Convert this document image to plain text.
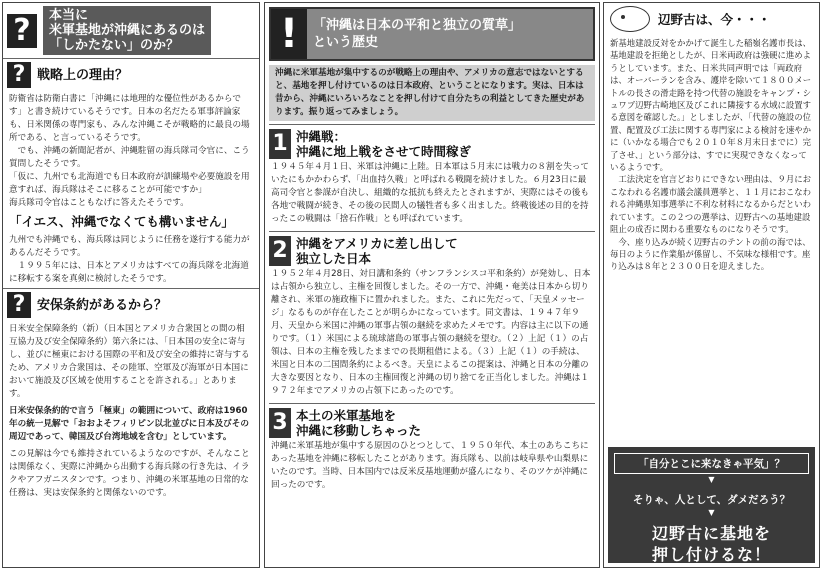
?	本当に
米軍基地が沖縄にあるのは
「しかたない」のか？
? 戦略上の理由？
防衛省は防衛白書に「沖縄には地理的な優位性があるからです」と書き続けているそうです。日本の名だたる軍事評論家も、日米関係の専門家も、みんな沖縄こそが戦略的に最良の場所である、と言っているそうです。
　でも、沖縄の新聞記者が、沖縄駐留の海兵隊司令官に、こう質問したそうです。
「仮に、九州でも北海道でも日本政府が訓練場や必要施設を用意すれば、海兵隊はそこに移ることが可能ですか」
海兵隊司令官はこともなげに答えたそうです。
「イエス、沖縄でなくても構いません」
九州でも沖縄でも、海兵隊は同じように任務を遂行する能力があるんだそうです。
　１９９５年には、日本とアメリカはすべての海兵隊を北海道に移転する案を真剣に検討したそうです。
? 安保条約があるから？
日米安全保障条約（新）（日本国とアメリカ合衆国との間の相互協力及び安全保障条約）第六条には、「日本国の安全に寄与し、並びに極東における国際の平和及び安全の維持に寄与するため、アメリカ合衆国は、その陸軍、空軍及び海軍が日本国において施設及び区域を使用することを許される。」とあります。
日米安保条約的で言う「極東」の範囲について、政府は1960年の統一見解で「おおよそフィリピン以北並びに日本及びその周辺であって、韓国及び台湾地域を含む」としています。
この見解は今でも維持されているようなのですが、そんなことは関係なく、実際に沖縄から出動する海兵隊の行き先は、イラクやアフガニスタンです。つまり、沖縄の米軍基地の日常的な任務は、実は安保条約と関係ないのです。
!	「沖縄は日本の平和と独立の質草」
という歴史
沖縄に米軍基地が集中するのが戦略上の理由や、アメリカの意志ではないとすると、基地を押し付けているのは日本政府、ということになります。実は、日本は昔から、沖縄にいろいろなことを押し付けて自分たちの利益としてきた歴史があります。振り返ってみましょう。
1 沖縄戦：
沖縄に地上戦をさせて時間稼ぎ
１９４５年４月１日、米軍は沖縄に上陸。日本軍は５月末には戦力の８割を失っていたにもかかわらず、「出血持久戦」と呼ばれる戦闘を続けました。６月23日に最高司令官と参謀が自決し、組織的な抵抗も終えたとされますが、実際にはその後も各地で戦闘が続き、その後の民間人の犠牲者も多く出ました。終戦後述の目的を持ったこの戦闘は「捨石作戦」とも呼ばれています。
2 沖縄をアメリカに差し出して
独立した日本
１９５２年４月28日、対日講和条約（サンフランシスコ平和条約）が発効し、日本は占領から独立し、主権を回復しました。その一方で、沖縄・奄美は日本から切り離され、米軍の施政権下に置かれました。また、これに先だって、「天皇メッセージ」なるものが存在したことが明らかになっています。同文書は、１９４７年９月、天皇から米国に沖縄の軍事占領の継続を求めたメモです。内容は主に以下の通りです。（１）米国による琉球諸島の軍事占領の継続を望む。（２）上記（１）の占領は、日本の主権を残したままでの長期租借による。（３）上記（１）の手続は、米国と日本の二国間条約によるべき。天皇によるこの提案は、沖縄と日本の分離の大きな要因となり、日本の主権回復と沖縄の切り捨てを正当化しました。沖縄は１９７２年までアメリカの占領下にあったのです。
3 本土の米軍基地を
沖縄に移動しちゃった
沖縄に米軍基地が集中する原因のひとつとして、１９５０年代、本土のあちこちにあった基地を沖縄に移転したことがあります。海兵隊も、以前は岐阜県や山梨県にいたのです。当時、日本国内では反米反基地運動が盛んになり、そのツケが沖縄に回ったのです。
辺野古は、今・・・
新基地建設反対をかかげて誕生した稲嶺名護市長は、基地建設を拒絶としたが、日米両政府は強硬に進めようとしています。また、日米共同声明では「両政府は、オーバーランを含み、護岸を除いて１８００メートルの長さの滑走路を持つ代替の施設をキャンプ・シュワブ辺野古崎地区及びこれに隣接する水域に設置する意図を確認した。」としましたが、「代替の施設の位置、配置及び工法に関する専門家による検討を速やかに（いかなる場合でも２０１０年８月末日までに）完了させ、」という部分は、すでに実現できなくなっているようです。
　工法決定を官言どおりにできない理由は、９月におこなわれる名護市議会議員選挙と、１１月におこなわれる沖縄県知事選挙に不利な材料になるからだといわれています。この２つの選挙は、辺野古への基地建設阻止の成否に関わる重要なものになりそうです。
　今、座り込みが続く辺野古のテントの前の海では、毎日のように作業船が係留し、不気味な様相です。座り込みは８年と２３００日を迎えました。
「自分とこに来なきゃ平気」？
▼
そりゃ、人として、ダメだろう？
▼
辺野古に基地を
押し付けるな！
